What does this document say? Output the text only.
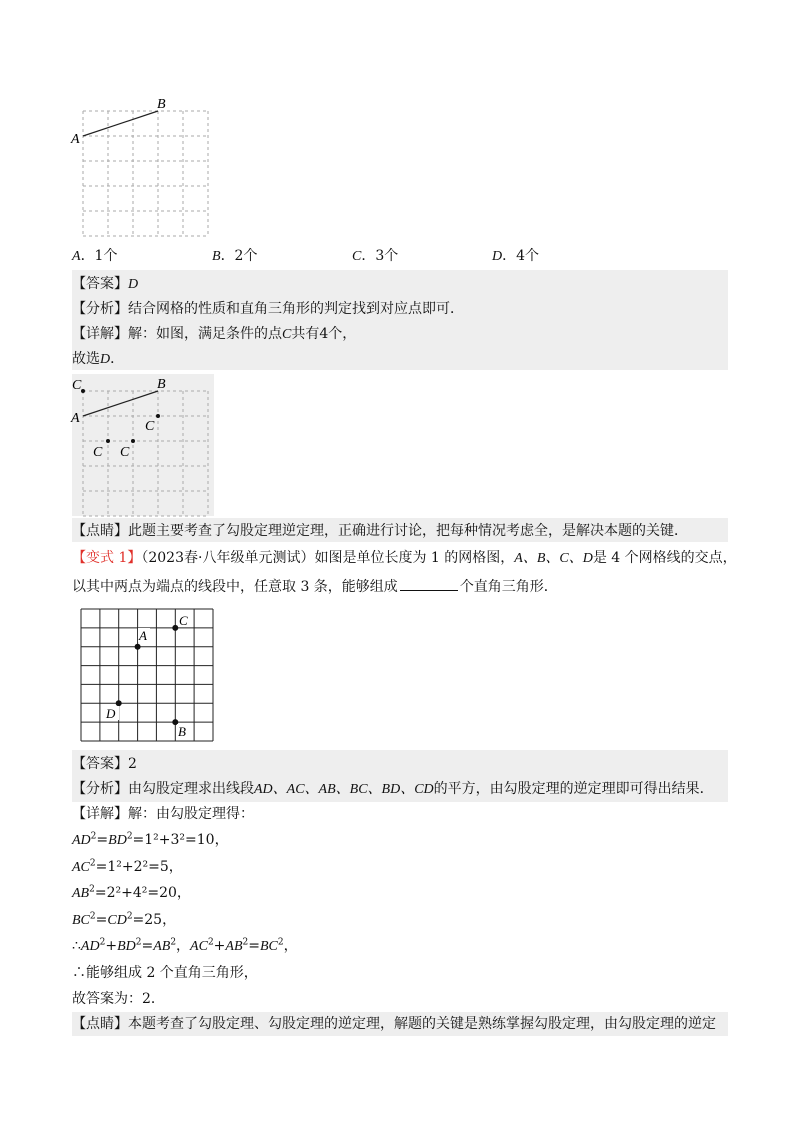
A
B
A．1个	B．2个	C．3个	D．4个
【答案】D
【分析】结合网格的性质和直角三角形的判定找到对应点即可．
【详解】解：如图，满足条件的点C共有4个，
故选D．
C	B
A
C
C C
【点睛】此题主要考查了勾股定理逆定理，正确进行讨论，把每种情况考虑全，是解决本题的关键．
【变式 1】（2023春·八年级单元测试）如图是单位长度为 1 的网格图，A、B、C、D是 4 个网格线的交点，
以其中两点为端点的线段中，任意取 3 条，能够组成	个直角三角形．
A
C
D
B
【答案】2
【分析】由勾股定理求出线段AD、AC、AB、BC、BD、CD的平方，由勾股定理的逆定理即可得出结果．
【详解】解：由勾股定理得：
$AD^2=BD^2=1^2+3^2=10$，
$AC^2=1^2+2^2=5$，
$AB^2=2^2+4^2=20$，
$BC^2=CD^2=25$，
$\therefore AD^2+BD^2=AB^2$，$AC^2+AB^2=BC^2$，
∴能够组成 2 个直角三角形，
故答案为：2．
【点睛】本题考查了勾股定理、勾股定理的逆定理，解题的关键是熟练掌握勾股定理，由勾股定理的逆定
